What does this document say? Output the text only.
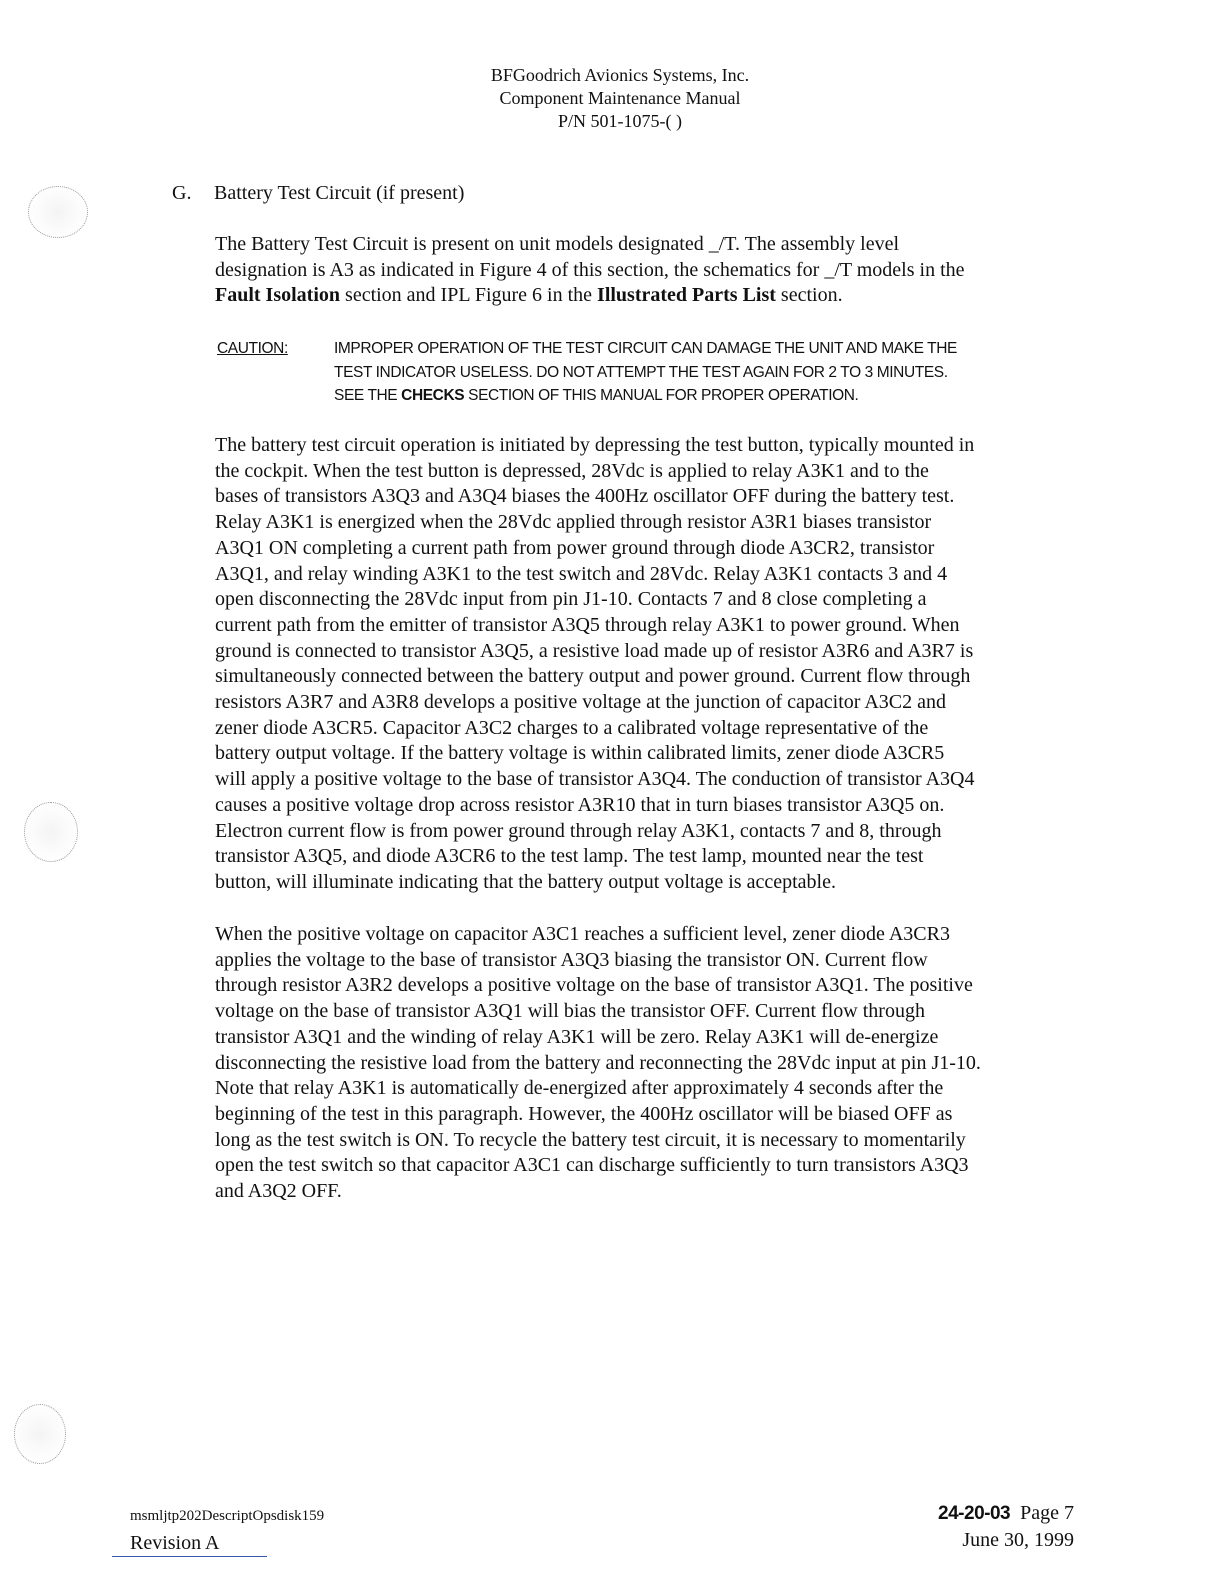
BFGoodrich Avionics Systems, Inc.
Component Maintenance Manual
P/N 501-1075-( )
G. Battery Test Circuit (if present)
The Battery Test Circuit is present on unit models designated _/T. The assembly level
designation is A3 as indicated in Figure 4 of this section, the schematics for _/T models in the
Fault Isolation section and IPL Figure 6 in the Illustrated Parts List section.
CAUTION:	IMPROPER OPERATION OF THE TEST CIRCUIT CAN DAMAGE THE UNIT AND MAKE THE
TEST INDICATOR USELESS. DO NOT ATTEMPT THE TEST AGAIN FOR 2 TO 3 MINUTES.
SEE THE CHECKS SECTION OF THIS MANUAL FOR PROPER OPERATION.
The battery test circuit operation is initiated by depressing the test button, typically mounted in
the cockpit. When the test button is depressed, 28Vdc is applied to relay A3K1 and to the
bases of transistors A3Q3 and A3Q4 biases the 400Hz oscillator OFF during the battery test.
Relay A3K1 is energized when the 28Vdc applied through resistor A3R1 biases transistor
A3Q1 ON completing a current path from power ground through diode A3CR2, transistor
A3Q1, and relay winding A3K1 to the test switch and 28Vdc. Relay A3K1 contacts 3 and 4
open disconnecting the 28Vdc input from pin J1-10. Contacts 7 and 8 close completing a
current path from the emitter of transistor A3Q5 through relay A3K1 to power ground. When
ground is connected to transistor A3Q5, a resistive load made up of resistor A3R6 and A3R7 is
simultaneously connected between the battery output and power ground. Current flow through
resistors A3R7 and A3R8 develops a positive voltage at the junction of capacitor A3C2 and
zener diode A3CR5. Capacitor A3C2 charges to a calibrated voltage representative of the
battery output voltage. If the battery voltage is within calibrated limits, zener diode A3CR5
will apply a positive voltage to the base of transistor A3Q4. The conduction of transistor A3Q4
causes a positive voltage drop across resistor A3R10 that in turn biases transistor A3Q5 on.
Electron current flow is from power ground through relay A3K1, contacts 7 and 8, through
transistor A3Q5, and diode A3CR6 to the test lamp. The test lamp, mounted near the test
button, will illuminate indicating that the battery output voltage is acceptable.
When the positive voltage on capacitor A3C1 reaches a sufficient level, zener diode A3CR3
applies the voltage to the base of transistor A3Q3 biasing the transistor ON. Current flow
through resistor A3R2 develops a positive voltage on the base of transistor A3Q1. The positive
voltage on the base of transistor A3Q1 will bias the transistor OFF. Current flow through
transistor A3Q1 and the winding of relay A3K1 will be zero. Relay A3K1 will de-energize
disconnecting the resistive load from the battery and reconnecting the 28Vdc input at pin J1-10.
Note that relay A3K1 is automatically de-energized after approximately 4 seconds after the
beginning of the test in this paragraph. However, the 400Hz oscillator will be biased OFF as
long as the test switch is ON. To recycle the battery test circuit, it is necessary to momentarily
open the test switch so that capacitor A3C1 can discharge sufficiently to turn transistors A3Q3
and A3Q2 OFF.
msmljtp202DescriptOpsdisk159
Revision A
24-20-03 Page 7
June 30, 1999
